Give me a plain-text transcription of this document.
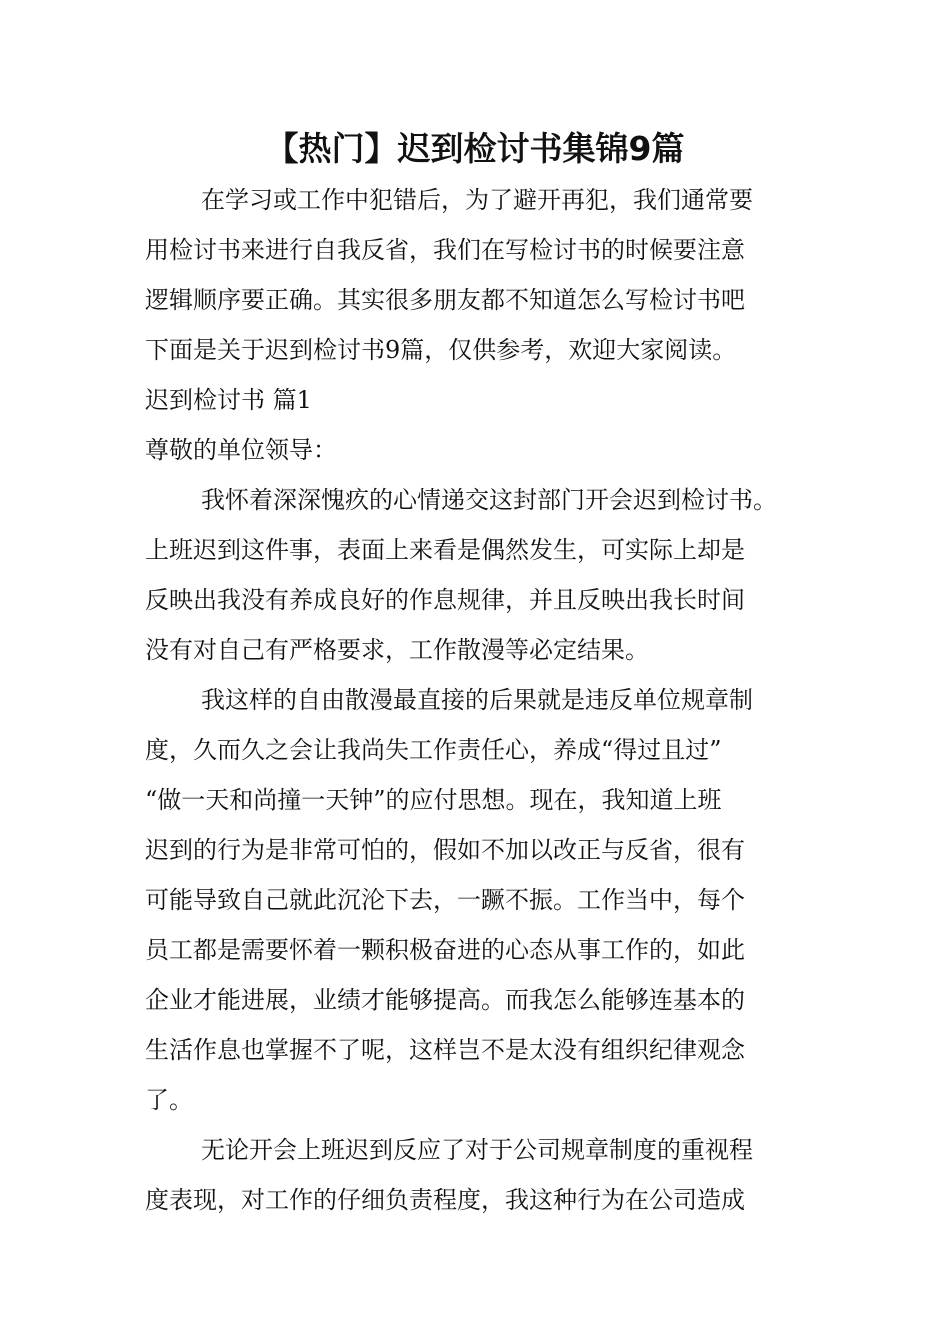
【热门】迟到检讨书集锦9篇
在学习或工作中犯错后，为了避开再犯，我们通常要
用检讨书来进行自我反省，我们在写检讨书的时候要注意
逻辑顺序要正确。其实很多朋友都不知道怎么写检讨书吧
下面是关于迟到检讨书9篇，仅供参考，欢迎大家阅读。
迟到检讨书 篇1
尊敬的单位领导：
我怀着深深愧疚的心情递交这封部门开会迟到检讨书。
上班迟到这件事，表面上来看是偶然发生，可实际上却是
反映出我没有养成良好的作息规律，并且反映出我长时间
没有对自己有严格要求，工作散漫等必定结果。
我这样的自由散漫最直接的后果就是违反单位规章制
度，久而久之会让我尚失工作责任心，养成“得过且过”
“做一天和尚撞一天钟”的应付思想。现在，我知道上班
迟到的行为是非常可怕的，假如不加以改正与反省，很有
可能导致自己就此沉沦下去，一蹶不振。工作当中，每个
员工都是需要怀着一颗积极奋进的心态从事工作的，如此
企业才能进展，业绩才能够提高。而我怎么能够连基本的
生活作息也掌握不了呢，这样岂不是太没有组织纪律观念
了。
无论开会上班迟到反应了对于公司规章制度的重视程
度表现，对工作的仔细负责程度，我这种行为在公司造成
